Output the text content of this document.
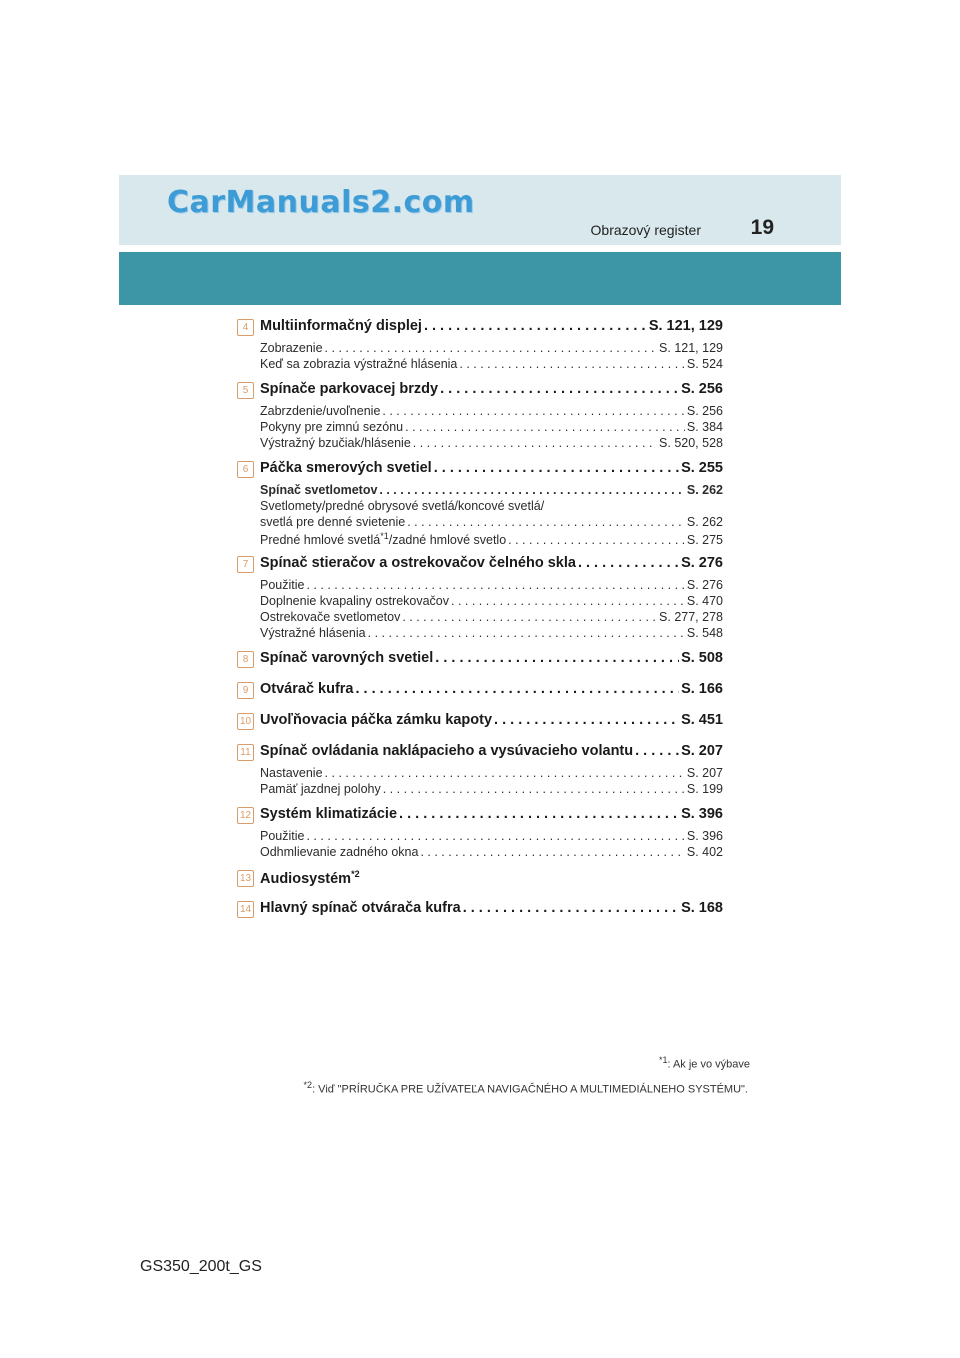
CarManuals2.com
Obrazový register 19
4 Multiinformačný displej . . .	S. 121, 129
Zobrazenie . . .	S. 121, 129
Keď sa zobrazia výstražné hlásenia . . .	S. 524
5 Spínače parkovacej brzdy . . .	S. 256
Zabrzdenie/uvoľnenie . . .	S. 256
Pokyny pre zimnú sezónu . . .	S. 384
Výstražný bzučiak/hlásenie . . .	S. 520, 528
6 Páčka smerových svetiel . . .	S. 255
Spínač svetlometov . . .	S. 262
Svetlomety/predné obrysové svetlá/koncové svetlá/
svetlá pre denné svietenie . . .	S. 262
Predné hmlové svetlá$^{*1}$/zadné hmlové svetlo . . .	S. 275
7 Spínač stieračov a ostrekovačov čelného skla . . .	S. 276
Použitie . . .	S. 276
Doplnenie kvapaliny ostrekovačov . . .	S. 470
Ostrekovače svetlometov . . .	S. 277, 278
Výstražné hlásenia . . .	S. 548
8 Spínač varovných svetiel . . .	S. 508
9 Otvárač kufra . . .	S. 166
10 Uvoľňovacia páčka zámku kapoty . . .	S. 451
11 Spínač ovládania naklápacieho a vysúvacieho volantu . . .	S. 207
Nastavenie . . .	S. 207
Pamäť jazdnej polohy . . .	S. 199
12 Systém klimatizácie . . .	S. 396
Použitie . . .	S. 396
Odhmlievanie zadného okna . . .	S. 402
13 Audiosystém$^{*2}$
14 Hlavný spínač otvárača kufra . . .	S. 168
$^{*1}$: Ak je vo výbave
$^{*2}$: Viď "PRÍRUČKA PRE UŽÍVATEĽA NAVIGAČNÉHO A MULTIMEDIÁLNEHO SYSTÉMU".
GS350_200t_GS
